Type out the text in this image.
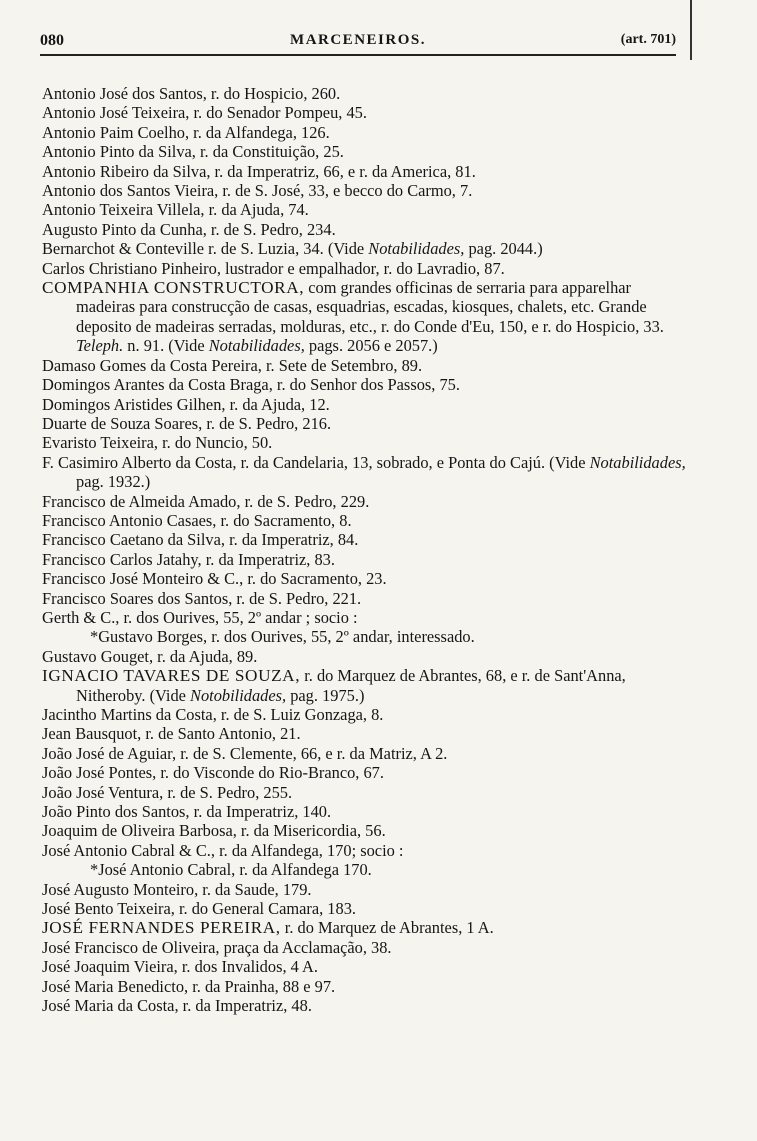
080	MARCENEIROS.	(art. 701)
Antonio José dos Santos, r. do Hospicio, 260.
Antonio José Teixeira, r. do Senador Pompeu, 45.
Antonio Paim Coelho, r. da Alfandega, 126.
Antonio Pinto da Silva, r. da Constituição, 25.
Antonio Ribeiro da Silva, r. da Imperatriz, 66, e r. da America, 81.
Antonio dos Santos Vieira, r. de S. José, 33, e becco do Carmo, 7.
Antonio Teixeira Villela, r. da Ajuda, 74.
Augusto Pinto da Cunha, r. de S. Pedro, 234.
Bernarchot & Conteville r. de S. Luzia, 34. (Vide Notabilidades, pag. 2044.)
Carlos Christiano Pinheiro, lustrador e empalhador, r. do Lavradio, 87.
COMPANHIA CONSTRUCTORA, com grandes officinas de serraria para apparelhar madeiras para construcção de casas, esquadrias, escadas, kiosques, chalets, etc. Grande deposito de madeiras serradas, molduras, etc., r. do Conde d'Eu, 150, e r. do Hospicio, 33. Teleph. n. 91. (Vide Notabilidades, pags. 2056 e 2057.)
Damaso Gomes da Costa Pereira, r. Sete de Setembro, 89.
Domingos Arantes da Costa Braga, r. do Senhor dos Passos, 75.
Domingos Aristides Gilhen, r. da Ajuda, 12.
Duarte de Souza Soares, r. de S. Pedro, 216.
Evaristo Teixeira, r. do Nuncio, 50.
F. Casimiro Alberto da Costa, r. da Candelaria, 13, sobrado, e Ponta do Cajú. (Vide Notabilidades, pag. 1932.)
Francisco de Almeida Amado, r. de S. Pedro, 229.
Francisco Antonio Casaes, r. do Sacramento, 8.
Francisco Caetano da Silva, r. da Imperatriz, 84.
Francisco Carlos Jatahy, r. da Imperatriz, 83.
Francisco José Monteiro & C., r. do Sacramento, 23.
Francisco Soares dos Santos, r. de S. Pedro, 221.
Gerth & C., r. dos Ourives, 55, 2º andar ; socio :
*Gustavo Borges, r. dos Ourives, 55, 2º andar, interessado.
Gustavo Gouget, r. da Ajuda, 89.
IGNACIO TAVARES DE SOUZA, r. do Marquez de Abrantes, 68, e r. de Sant'Anna, Nitheroby. (Vide Notobilidades, pag. 1975.)
Jacintho Martins da Costa, r. de S. Luiz Gonzaga, 8.
Jean Bausquot, r. de Santo Antonio, 21.
João José de Aguiar, r. de S. Clemente, 66, e r. da Matriz, A 2.
João José Pontes, r. do Visconde do Rio-Branco, 67.
João José Ventura, r. de S. Pedro, 255.
João Pinto dos Santos, r. da Imperatriz, 140.
Joaquim de Oliveira Barbosa, r. da Misericordia, 56.
José Antonio Cabral & C., r. da Alfandega, 170; socio :
*José Antonio Cabral, r. da Alfandega 170.
José Augusto Monteiro, r. da Saude, 179.
José Bento Teixeira, r. do General Camara, 183.
JOSÉ FERNANDES PEREIRA, r. do Marquez de Abrantes, 1 A.
José Francisco de Oliveira, praça da Acclamação, 38.
José Joaquim Vieira, r. dos Invalidos, 4 A.
José Maria Benedicto, r. da Prainha, 88 e 97.
José Maria da Costa, r. da Imperatriz, 48.
